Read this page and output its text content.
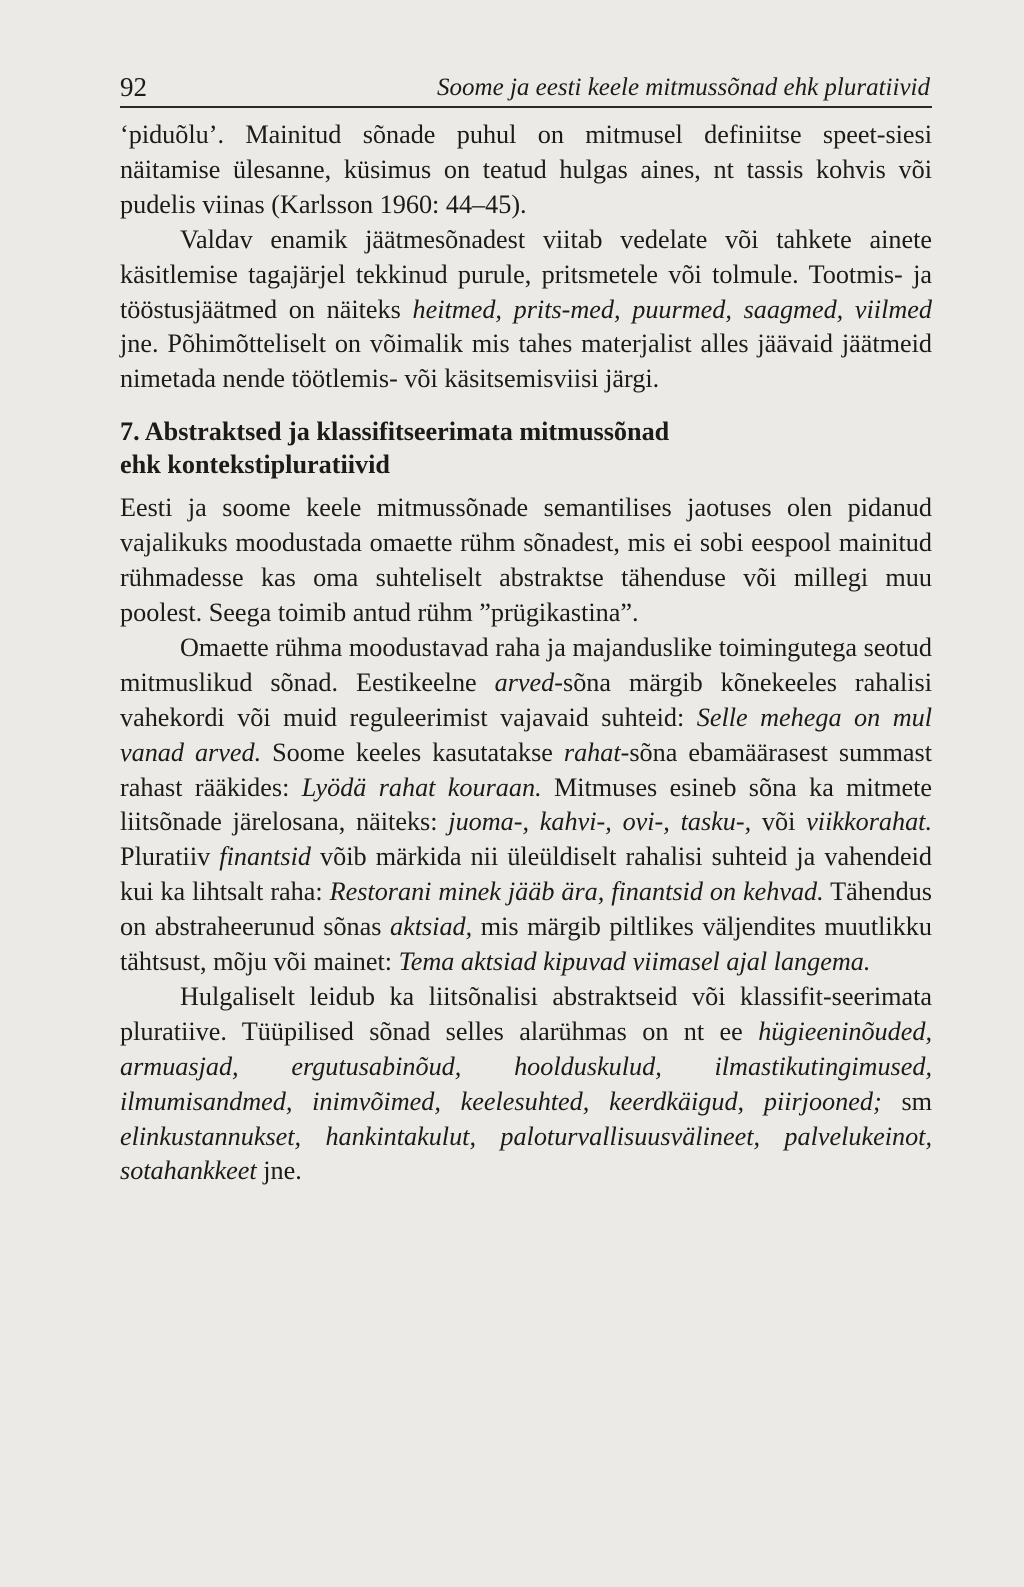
92	Soome ja eesti keele mitmussõnad ehk pluratiivid

‘piduõlu’. Mainitud sõnade puhul on mitmusel definiitse speet-siesi näitamise ülesanne, küsimus on teatud hulgas aines, nt tassis kohvis või pudelis viinas (Karlsson 1960: 44–45).

Valdav enamik jäätmesõnadest viitab vedelate või tahkete ainete käsitlemise tagajärjel tekkinud purule, pritsmetele või tolmule. Tootmis- ja tööstusjäätmed on näiteks heitmed, prits-med, puurmed, saagmed, viilmed jne. Põhimõtteliselt on võimalik mis tahes materjalist alles jäävaid jäätmeid nimetada nende töötlemis- või käsitsemisviisi järgi.

7. Abstraktsed ja klassifitseerimata mitmussõnad
ehk kontekstipluratiivid

Eesti ja soome keele mitmussõnade semantilises jaotuses olen pidanud vajalikuks moodustada omaette rühm sõnadest, mis ei sobi eespool mainitud rühmadesse kas oma suhteliselt abstraktse tähenduse või millegi muu poolest. Seega toimib antud rühm ”prügikastina”.

Omaette rühma moodustavad raha ja majanduslike toimingutega seotud mitmuslikud sõnad. Eestikeelne arved-sõna märgib kõnekeeles rahalisi vahekordi või muid reguleerimist vajavaid suhteid: Selle mehega on mul vanad arved. Soome keeles kasutatakse rahat-sõna ebamäärasest summast rahast rääkides: Lyödä rahat kouraan. Mitmuses esineb sõna ka mitmete liitsõnade järelosana, näiteks: juoma-, kahvi-, ovi-, tasku-, või viikkorahat. Pluratiiv finantsid võib märkida nii üleüldiselt rahalisi suhteid ja vahendeid kui ka lihtsalt raha: Restorani minek jääb ära, finantsid on kehvad. Tähendus on abstraheerunud sõnas aktsiad, mis märgib piltlikes väljendites muutlikku tähtsust, mõju või mainet: Tema aktsiad kipuvad viimasel ajal langema.

Hulgaliselt leidub ka liitsõnalisi abstraktseid või klassifit-seerimata pluratiive. Tüüpilised sõnad selles alarühmas on nt ee hügieeninõuded, armuasjad, ergutusabinõud, hoolduskulud, ilmastikutingimused, ilmumisandmed, inimvõimed, keelesuhted, keerdkäigud, piirjooned; sm elinkustannukset, hankintakulut, paloturvallisuusvälineet, palvelukeinot, sotahankkeet jne.
